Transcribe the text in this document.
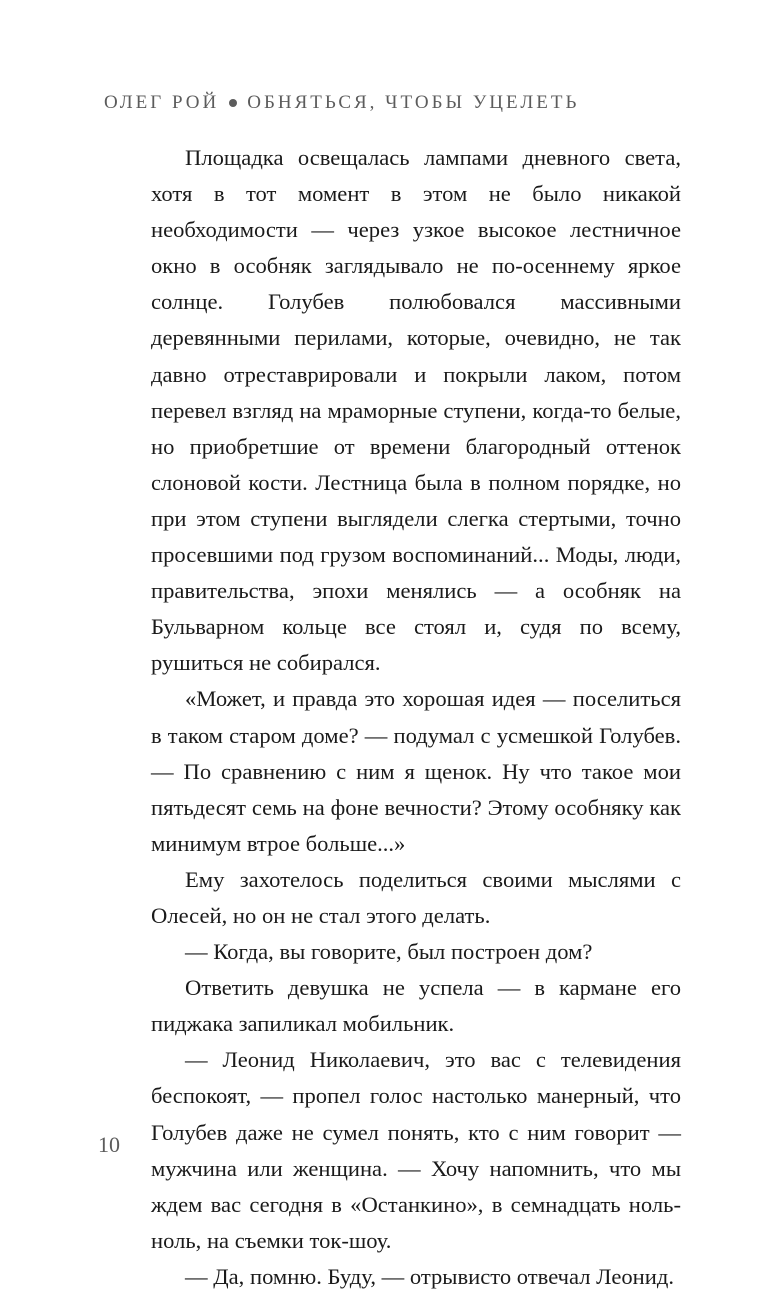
ОЛЕГ РОЙ ОБНЯТЬСЯ, ЧТОБЫ УЦЕЛЕТЬ

Площадка освещалась лампами дневного света, хотя в тот момент в этом не было никакой необходимости — через узкое высокое лестничное окно в особняк заглядывало не по-осеннему яркое солнце. Голубев полюбовался массивными деревянными перилами, которые, очевидно, не так давно отреставрировали и покрыли лаком, потом перевел взгляд на мраморные ступени, когда-то белые, но приобретшие от времени благородный оттенок слоновой кости. Лестница была в полном порядке, но при этом ступени выглядели слегка стертыми, точно просевшими под грузом воспоминаний... Моды, люди, правительства, эпохи менялись — а особняк на Бульварном кольце все стоял и, судя по всему, рушиться не собирался.

«Может, и правда это хорошая идея — поселиться в таком старом доме? — подумал с усмешкой Голубев. — По сравнению с ним я щенок. Ну что такое мои пятьдесят семь на фоне вечности? Этому особняку как минимум втрое больше...»

Ему захотелось поделиться своими мыслями с Олесей, но он не стал этого делать.

— Когда, вы говорите, был построен дом?

Ответить девушка не успела — в кармане его пиджака запиликал мобильник.

— Леонид Николаевич, это вас с телевидения беспокоят, — пропел голос настолько манерный, что Голубев даже не сумел понять, кто с ним говорит — мужчина или женщина. — Хочу напомнить, что мы ждем вас сегодня в «Останкино», в семнадцать ноль-ноль, на съемки ток-шоу.

— Да, помню. Буду, — отрывисто отвечал Леонид.

10
